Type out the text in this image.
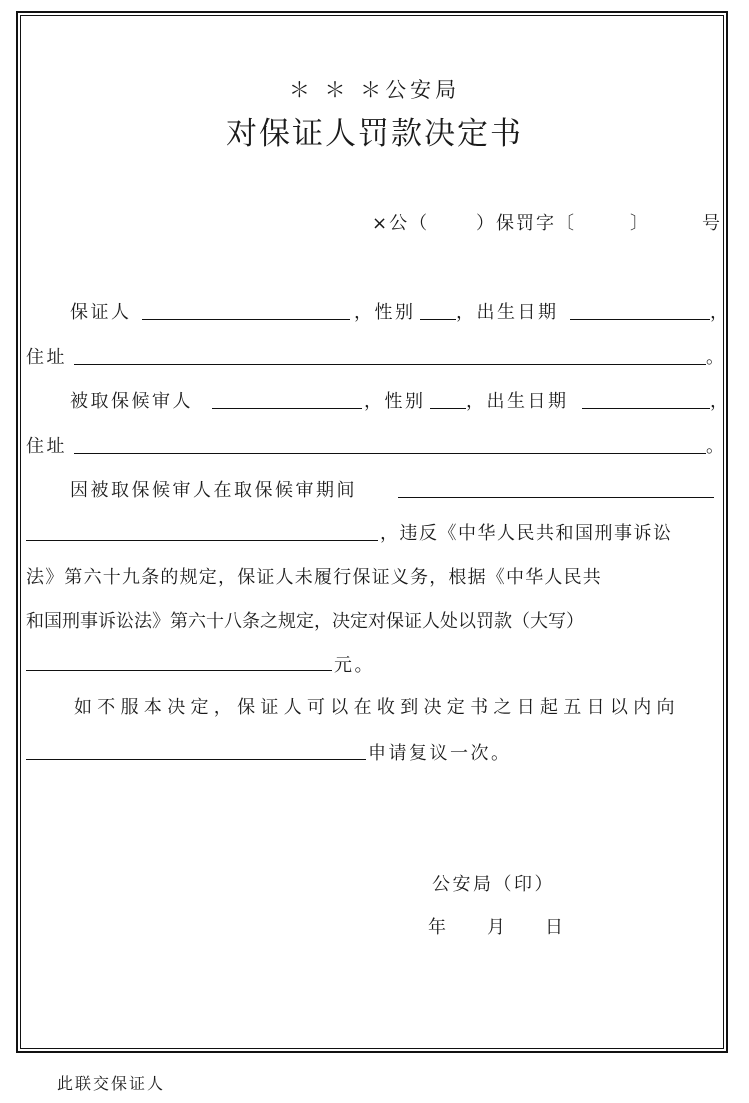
＊ ＊ ＊公安局
对保证人罚款决定书
×公（	）保罚字〔	〕	号
保证人	，性别 ，出生日期	，
住址	。
被取保候审人	，性别 ，出生日期	，
住址	。
因被取保候审人在取保候审期间
，违反《中华人民共和国刑事诉讼
法》第六十九条的规定，保证人未履行保证义务，根据《中华人民共
和国刑事诉讼法》第六十八条之规定，决定对保证人处以罚款（大写）
元。
如不服本决定，保证人可以在收到决定书之日起五日以内向
申请复议一次。
公安局（印）
年 月 日
此联交保证人
